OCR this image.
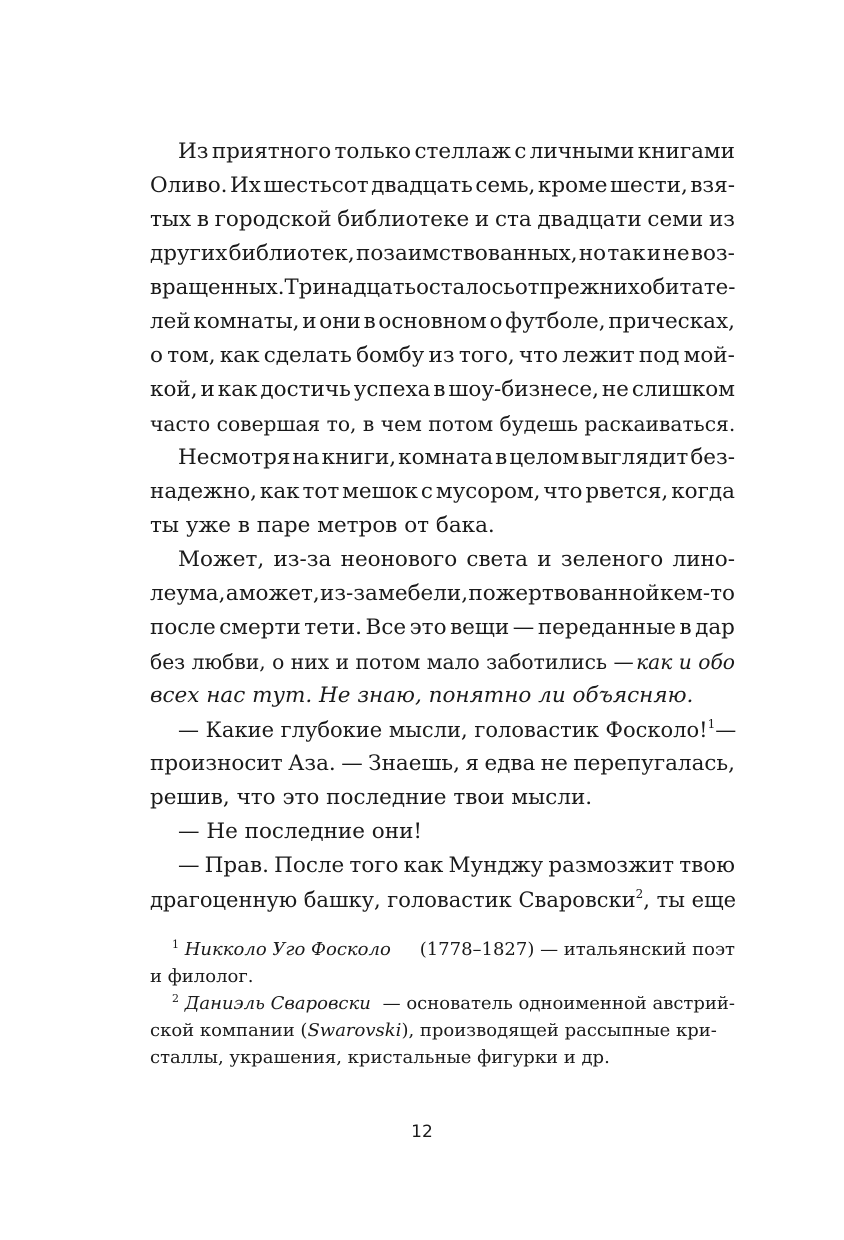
Из приятного только стеллаж с личными книгами
Оливо. Их шестьсот двадцать семь, кроме шести, взя-
тых в городской библиотеке и ста двадцати семи из
других библиотек, позаимствованных, но так и не воз-
вращенных. Тринадцать осталось от прежних обитате-
лей комнаты, и они в основном о футболе, прическах,
о том, как сделать бомбу из того, что лежит под мой-
кой, и как достичь успеха в шоу-бизнесе, не слишком
часто совершая то, в чем потом будешь раскаиваться.
Несмотря на книги, комната в целом выглядит без-
надежно, как тот мешок с мусором, что рвется, когда
ты уже в паре метров от бака.
Может, из-за неонового света и зеленого лино-
леума, а может, из-за мебели, пожертвованной кем-то
после смерти тети. Все это вещи — переданные в дар
без любви, о них и потом мало заботились — как и обо
всех нас тут. Не знаю, понятно ли объясняю.
— Какие глубокие мысли, головастик Фосколо!$^1$ —
произносит Аза. — Знаешь, я едва не перепугалась,
решив, что это последние твои мысли.
— Не последние они!
— Прав. После того как Мунджу размозжит твою
драгоценную башку, головастик Сваровски$^2$, ты еще
$^1$ Никколо Уго Фосколо (1778–1827) — итальянский поэт
и филолог.
$^2$ Даниэль Сваровски — основатель одноименной австрий-
ской компании (Swarovski), производящей рассыпные кри-
сталлы, украшения, кристальные фигурки и др.
12
